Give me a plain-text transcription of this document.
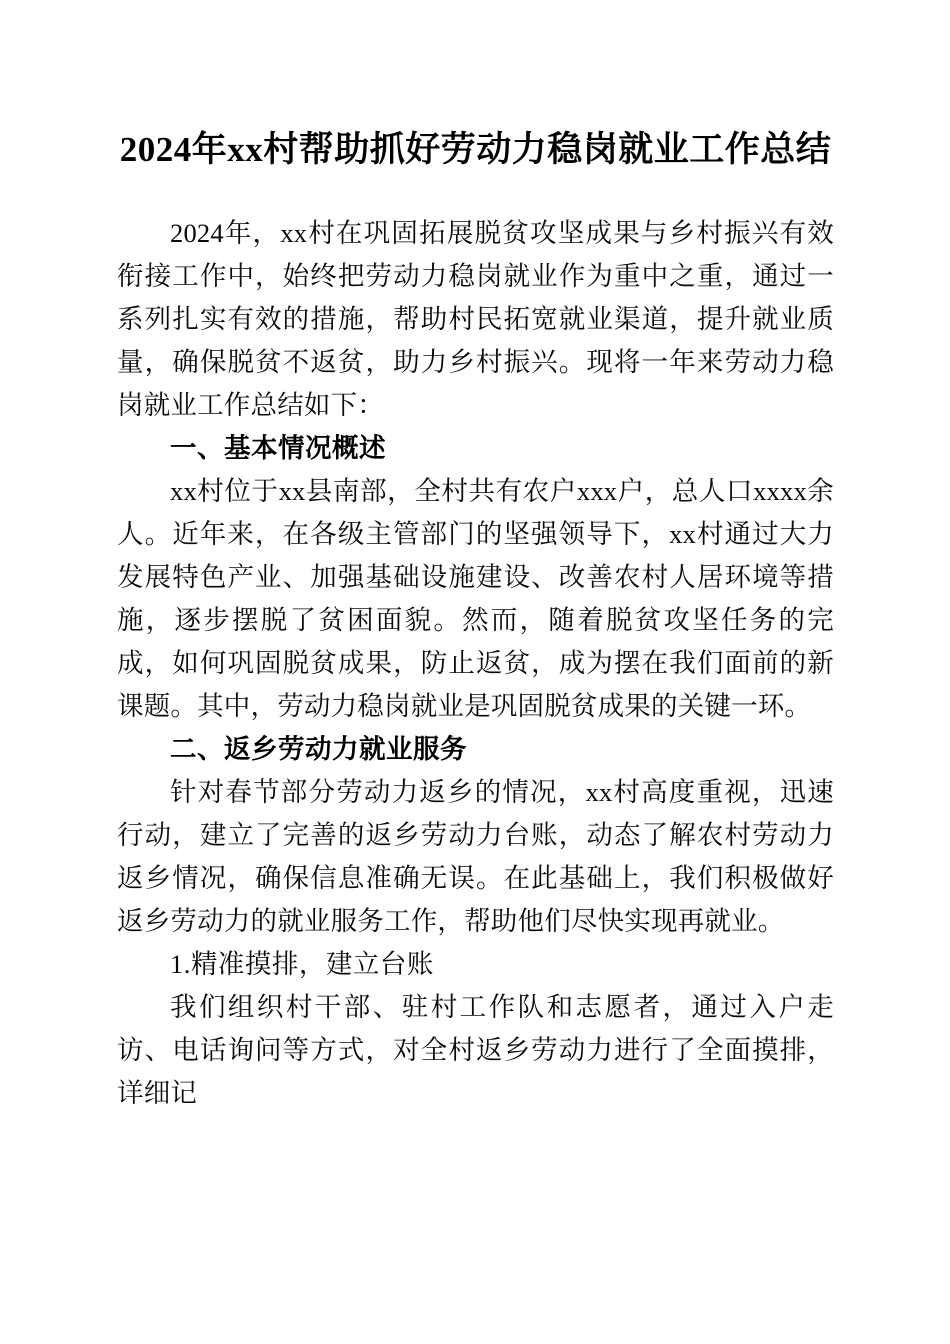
2024年xx村帮助抓好劳动力稳岗就业工作总结

2024年，xx村在巩固拓展脱贫攻坚成果与乡村振兴有效衔接工作中，始终把劳动力稳岗就业作为重中之重，通过一系列扎实有效的措施，帮助村民拓宽就业渠道，提升就业质量，确保脱贫不返贫，助力乡村振兴。现将一年来劳动力稳岗就业工作总结如下：

一、基本情况概述

xx村位于xx县南部，全村共有农户xxx户，总人口xxxx余人。近年来，在各级主管部门的坚强领导下，xx村通过大力发展特色产业、加强基础设施建设、改善农村人居环境等措施，逐步摆脱了贫困面貌。然而，随着脱贫攻坚任务的完成，如何巩固脱贫成果，防止返贫，成为摆在我们面前的新课题。其中，劳动力稳岗就业是巩固脱贫成果的关键一环。

二、返乡劳动力就业服务

针对春节部分劳动力返乡的情况，xx村高度重视，迅速行动，建立了完善的返乡劳动力台账，动态了解农村劳动力返乡情况，确保信息准确无误。在此基础上，我们积极做好返乡劳动力的就业服务工作，帮助他们尽快实现再就业。

1.精准摸排，建立台账

我们组织村干部、驻村工作队和志愿者，通过入户走访、电话询问等方式，对全村返乡劳动力进行了全面摸排，详细记
